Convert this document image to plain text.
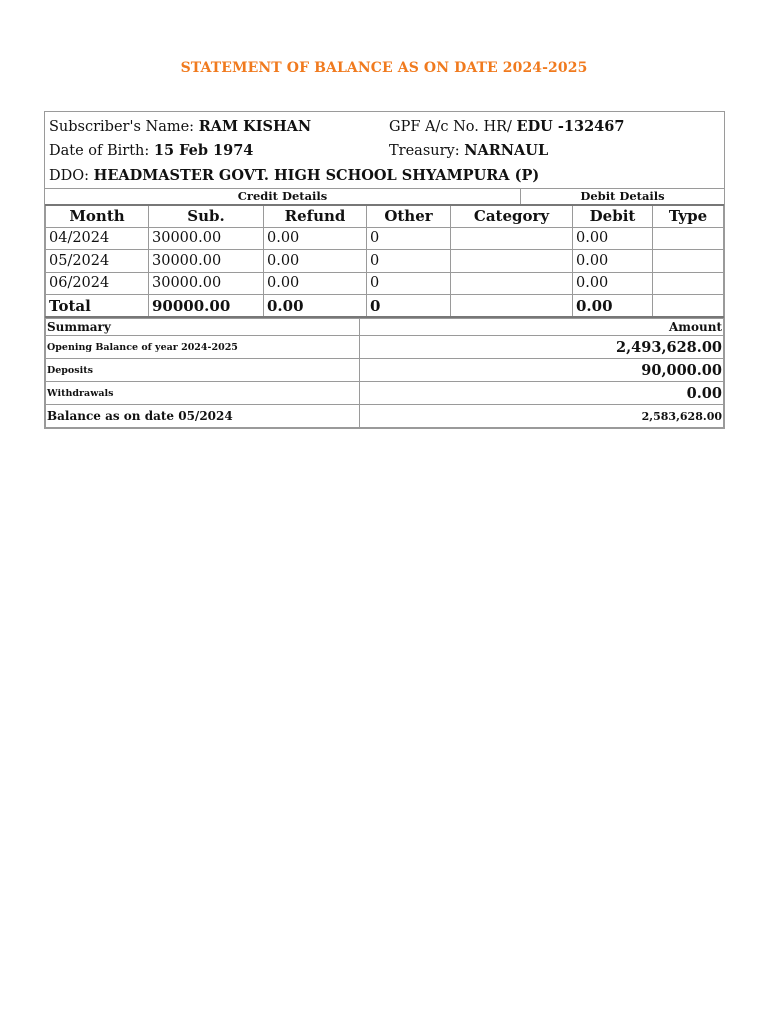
STATEMENT OF BALANCE AS ON DATE 2024-2025
Subscriber's Name: RAM KISHAN	GPF A/c No. HR/ EDU -132467
Date of Birth: 15 Feb 1974	Treasury: NARNAUL
DDO: HEADMASTER GOVT. HIGH SCHOOL SHYAMPURA (P)
Credit Details	Debit Details
Month	Sub.	Refund	Other	Category	Debit	Type
04/2024	30000.00	0.00	0		0.00	
05/2024	30000.00	0.00	0		0.00	
06/2024	30000.00	0.00	0		0.00	
Total	90000.00	0.00	0		0.00	
Summary	Amount
Opening Balance of year 2024-2025	2,493,628.00
Deposits	90,000.00
Withdrawals	0.00
Balance as on date 05/2024	2,583,628.00
